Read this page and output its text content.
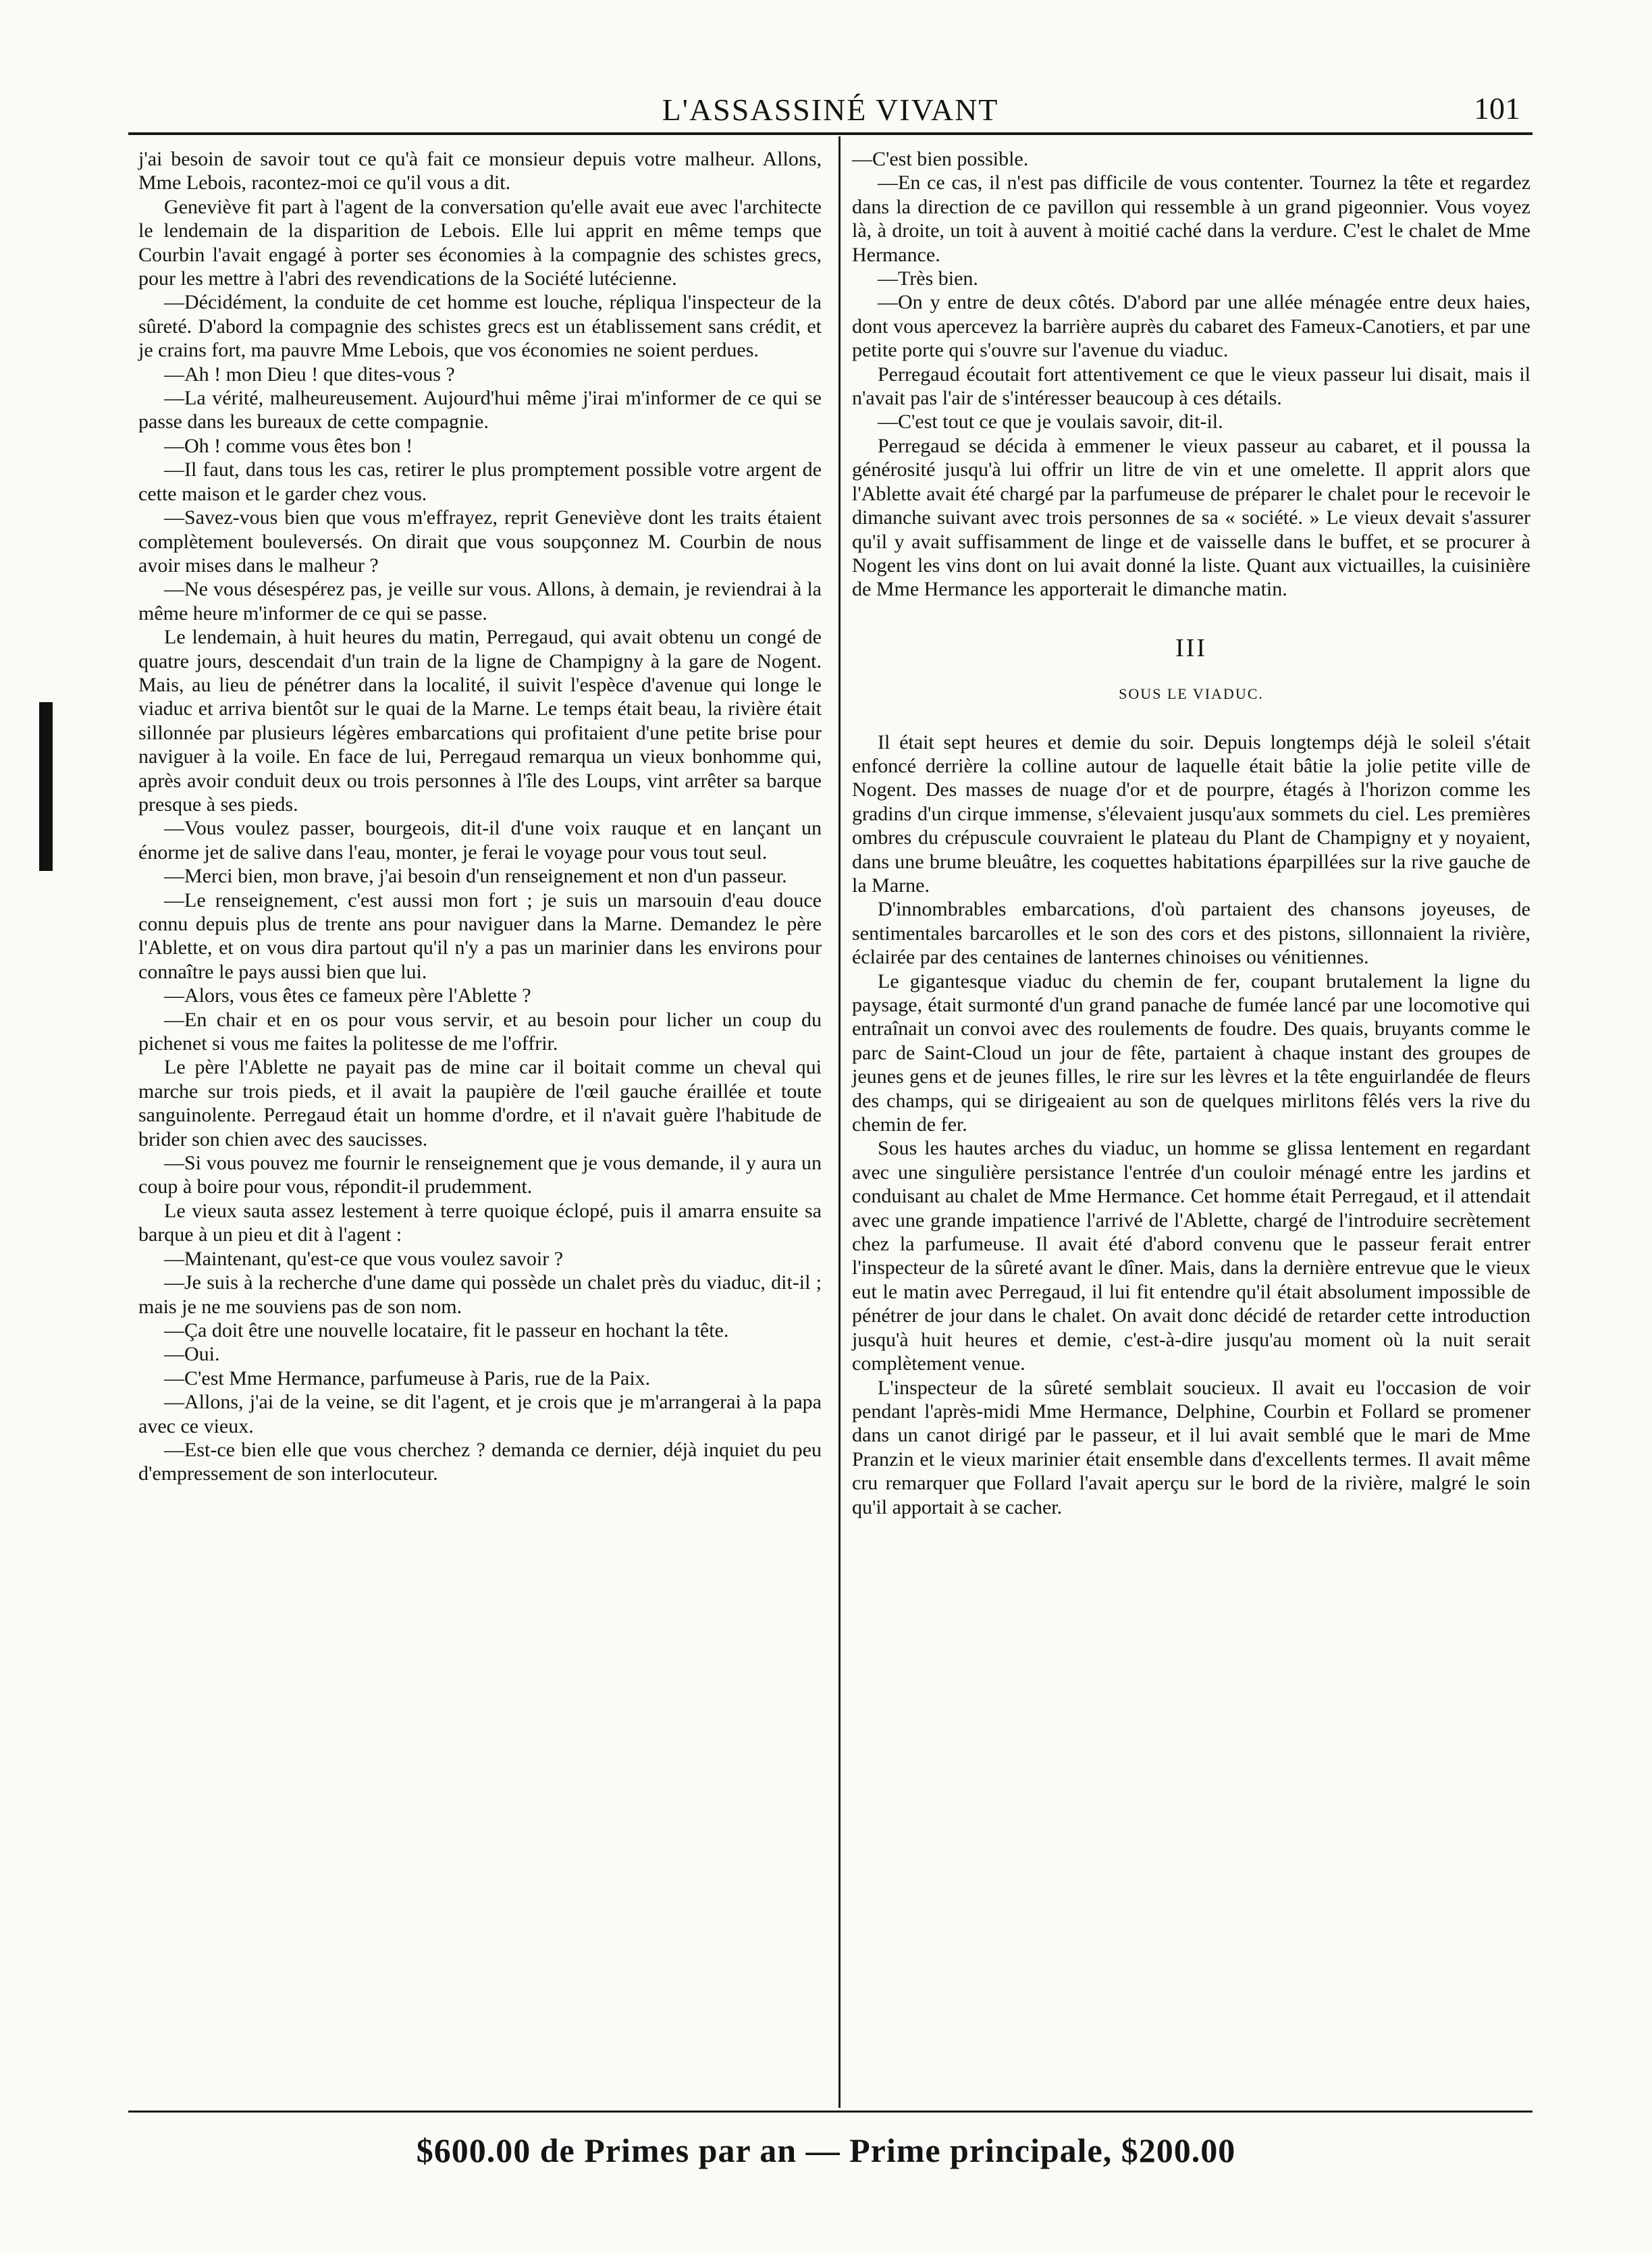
L'ASSASSINÉ VIVANT	101

j'ai besoin de savoir tout ce qu'à fait ce monsieur depuis votre malheur. Allons, Mme Lebois, racontez-moi ce qu'il vous a dit.

Geneviève fit part à l'agent de la conversation qu'elle avait eue avec l'architecte le lendemain de la disparition de Lebois. Elle lui apprit en même temps que Courbin l'avait engagé à porter ses économies à la compagnie des schistes grecs, pour les mettre à l'abri des revendications de la Société lutécienne.

—Décidément, la conduite de cet homme est louche, répliqua l'inspecteur de la sûreté. D'abord la compagnie des schistes grecs est un établissement sans crédit, et je crains fort, ma pauvre Mme Lebois, que vos économies ne soient perdues.

—Ah ! mon Dieu ! que dites-vous ?

—La vérité, malheureusement. Aujourd'hui même j'irai m'informer de ce qui se passe dans les bureaux de cette compagnie.

—Oh ! comme vous êtes bon !

—Il faut, dans tous les cas, retirer le plus promptement possible votre argent de cette maison et le garder chez vous.

—Savez-vous bien que vous m'effrayez, reprit Geneviève dont les traits étaient complètement bouleversés. On dirait que vous soupçonnez M. Courbin de nous avoir mises dans le malheur ?

—Ne vous désespérez pas, je veille sur vous. Allons, à demain, je reviendrai à la même heure m'informer de ce qui se passe.

Le lendemain, à huit heures du matin, Perregaud, qui avait obtenu un congé de quatre jours, descendait d'un train de la ligne de Champigny à la gare de Nogent. Mais, au lieu de pénétrer dans la localité, il suivit l'espèce d'avenue qui longe le viaduc et arriva bientôt sur le quai de la Marne. Le temps était beau, la rivière était sillonnée par plusieurs légères embarcations qui profitaient d'une petite brise pour naviguer à la voile. En face de lui, Perregaud remarqua un vieux bonhomme qui, après avoir conduit deux ou trois personnes à l'île des Loups, vint arrêter sa barque presque à ses pieds.

—Vous voulez passer, bourgeois, dit-il d'une voix rauque et en lançant un énorme jet de salive dans l'eau, monter, je ferai le voyage pour vous tout seul.

—Merci bien, mon brave, j'ai besoin d'un renseignement et non d'un passeur.

—Le renseignement, c'est aussi mon fort ; je suis un marsouin d'eau douce connu depuis plus de trente ans pour naviguer dans la Marne. Demandez le père l'Ablette, et on vous dira partout qu'il n'y a pas un marinier dans les environs pour connaître le pays aussi bien que lui.

—Alors, vous êtes ce fameux père l'Ablette ?

—En chair et en os pour vous servir, et au besoin pour licher un coup du pichenet si vous me faites la politesse de me l'offrir.

Le père l'Ablette ne payait pas de mine car il boitait comme un cheval qui marche sur trois pieds, et il avait la paupière de l'œil gauche éraillée et toute sanguinolente. Perregaud était un homme d'ordre, et il n'avait guère l'habitude de brider son chien avec des saucisses.

—Si vous pouvez me fournir le renseignement que je vous demande, il y aura un coup à boire pour vous, répondit-il prudemment.

Le vieux sauta assez lestement à terre quoique éclopé, puis il amarra ensuite sa barque à un pieu et dit à l'agent :

—Maintenant, qu'est-ce que vous voulez savoir ?

—Je suis à la recherche d'une dame qui possède un chalet près du viaduc, dit-il ; mais je ne me souviens pas de son nom.

—Ça doit être une nouvelle locataire, fit le passeur en hochant la tête.

—Oui.

—C'est Mme Hermance, parfumeuse à Paris, rue de la Paix.

—Allons, j'ai de la veine, se dit l'agent, et je crois que je m'arrangerai à la papa avec ce vieux.

—Est-ce bien elle que vous cherchez ? demanda ce dernier, déjà inquiet du peu d'empressement de son interlocuteur.

—C'est bien possible.

—En ce cas, il n'est pas difficile de vous contenter. Tournez la tête et regardez dans la direction de ce pavillon qui ressemble à un grand pigeonnier. Vous voyez là, à droite, un toit à auvent à moitié caché dans la verdure. C'est le chalet de Mme Hermance.

—Très bien.

—On y entre de deux côtés. D'abord par une allée ménagée entre deux haies, dont vous apercevez la barrière auprès du cabaret des Fameux-Canotiers, et par une petite porte qui s'ouvre sur l'avenue du viaduc.

Perregaud écoutait fort attentivement ce que le vieux passeur lui disait, mais il n'avait pas l'air de s'intéresser beaucoup à ces détails.

—C'est tout ce que je voulais savoir, dit-il.

Perregaud se décida à emmener le vieux passeur au cabaret, et il poussa la générosité jusqu'à lui offrir un litre de vin et une omelette. Il apprit alors que l'Ablette avait été chargé par la parfumeuse de préparer le chalet pour le recevoir le dimanche suivant avec trois personnes de sa « société. » Le vieux devait s'assurer qu'il y avait suffisamment de linge et de vaisselle dans le buffet, et se procurer à Nogent les vins dont on lui avait donné la liste. Quant aux victuailles, la cuisinière de Mme Hermance les apporterait le dimanche matin.

III
SOUS LE VIADUC.

Il était sept heures et demie du soir. Depuis longtemps déjà le soleil s'était enfoncé derrière la colline autour de laquelle était bâtie la jolie petite ville de Nogent. Des masses de nuage d'or et de pourpre, étagés à l'horizon comme les gradins d'un cirque immense, s'élevaient jusqu'aux sommets du ciel. Les premières ombres du crépuscule couvraient le plateau du Plant de Champigny et y noyaient, dans une brume bleuâtre, les coquettes habitations éparpillées sur la rive gauche de la Marne.

D'innombrables embarcations, d'où partaient des chansons joyeuses, de sentimentales barcarolles et le son des cors et des pistons, sillonnaient la rivière, éclairée par des centaines de lanternes chinoises ou vénitiennes.

Le gigantesque viaduc du chemin de fer, coupant brutalement la ligne du paysage, était surmonté d'un grand panache de fumée lancé par une locomotive qui entraînait un convoi avec des roulements de foudre. Des quais, bruyants comme le parc de Saint-Cloud un jour de fête, partaient à chaque instant des groupes de jeunes gens et de jeunes filles, le rire sur les lèvres et la tête enguirlandée de fleurs des champs, qui se dirigeaient au son de quelques mirlitons fêlés vers la rive du chemin de fer.

Sous les hautes arches du viaduc, un homme se glissa lentement en regardant avec une singulière persistance l'entrée d'un couloir ménagé entre les jardins et conduisant au chalet de Mme Hermance. Cet homme était Perregaud, et il attendait avec une grande impatience l'arrivé de l'Ablette, chargé de l'introduire secrètement chez la parfumeuse. Il avait été d'abord convenu que le passeur ferait entrer l'inspecteur de la sûreté avant le dîner. Mais, dans la dernière entrevue que le vieux eut le matin avec Perregaud, il lui fit entendre qu'il était absolument impossible de pénétrer de jour dans le chalet. On avait donc décidé de retarder cette introduction jusqu'à huit heures et demie, c'est-à-dire jusqu'au moment où la nuit serait complètement venue.

L'inspecteur de la sûreté semblait soucieux. Il avait eu l'occasion de voir pendant l'après-midi Mme Hermance, Delphine, Courbin et Follard se promener dans un canot dirigé par le passeur, et il lui avait semblé que le mari de Mme Pranzin et le vieux marinier était ensemble dans d'excellents termes. Il avait même cru remarquer que Follard l'avait aperçu sur le bord de la rivière, malgré le soin qu'il apportait à se cacher.

$600.00 de Primes par an — Prime principale, $200.00
